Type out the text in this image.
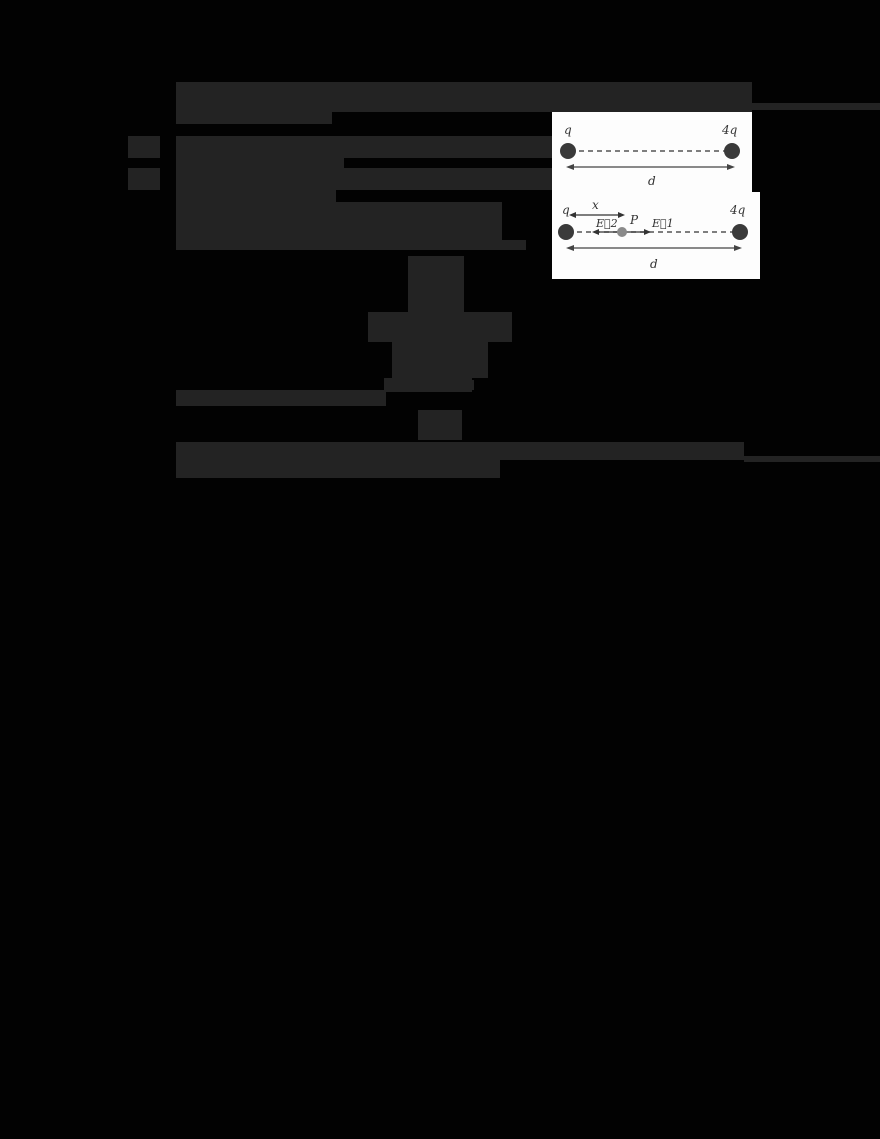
q	4q
d
q x
E⃗2 P E⃗1
4q
d
